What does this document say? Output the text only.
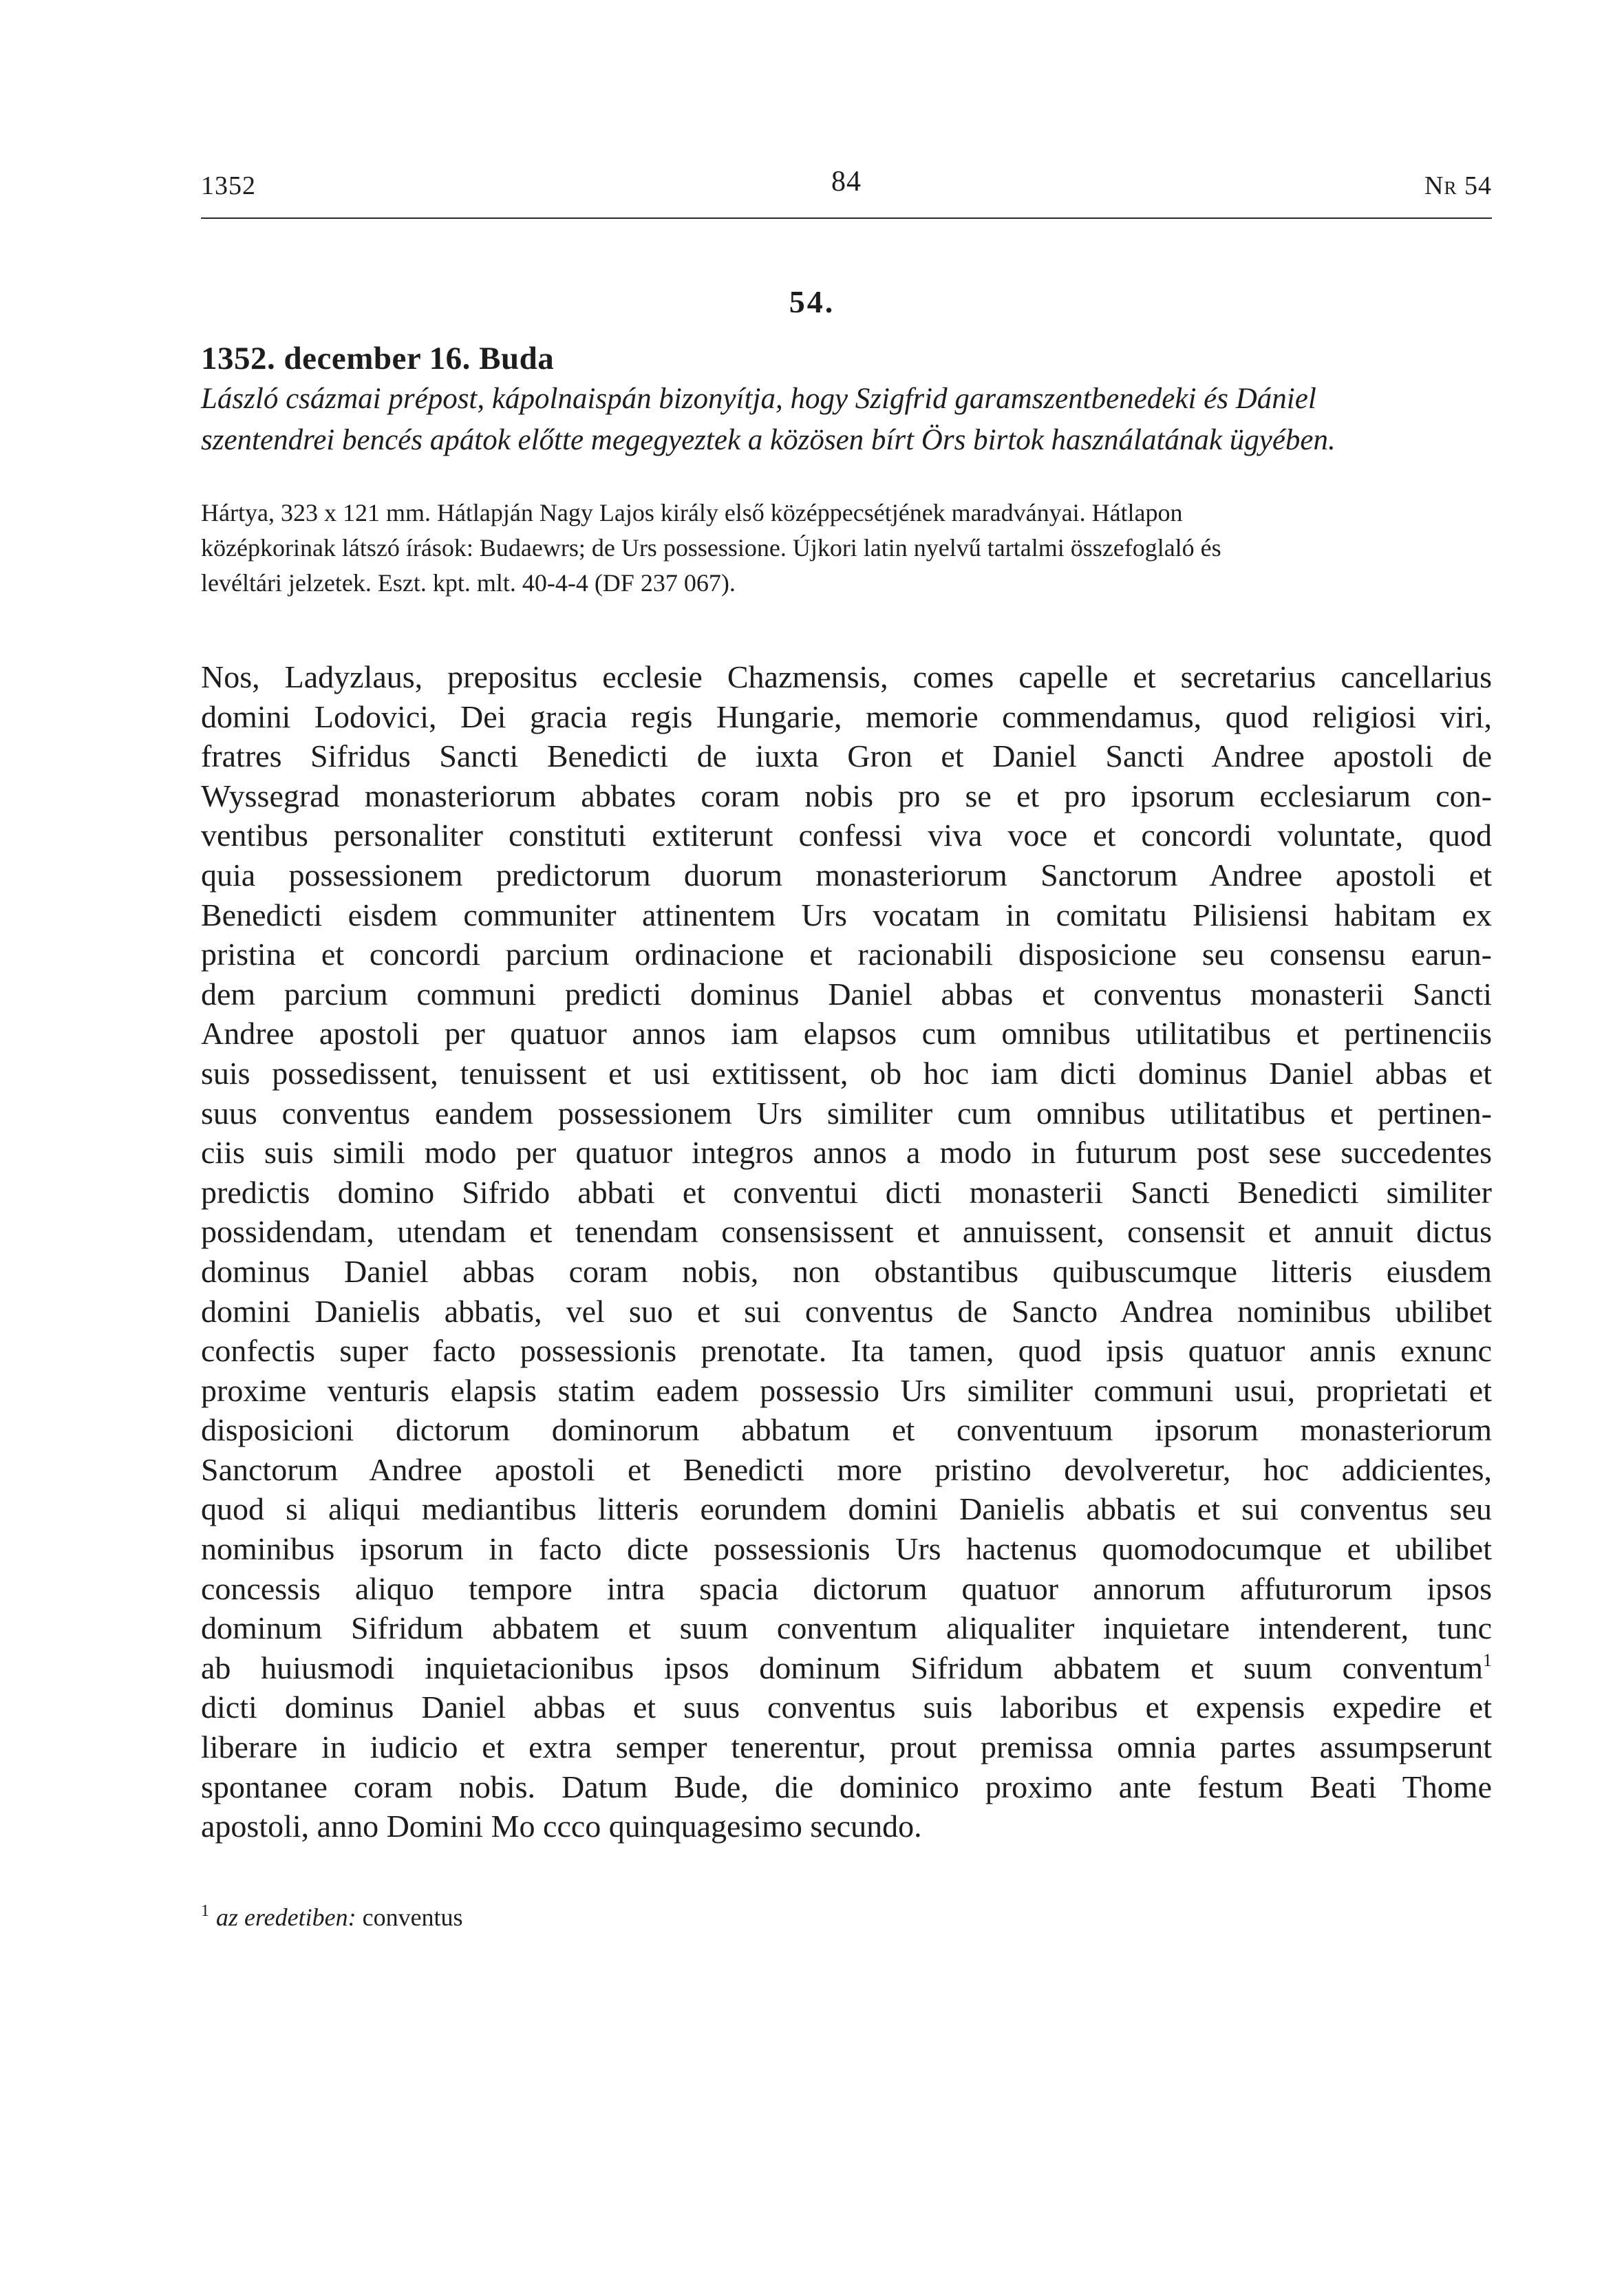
1352	84	Nr 54
54.
1352. december 16. Buda
László csázmai prépost, kápolnaispán bizonyítja, hogy Szigfrid garamszentbenedeki és Dániel
szentendrei bencés apátok előtte megegyeztek a közösen bírt Örs birtok használatának ügyében.
Hártya, 323 x 121 mm. Hátlapján Nagy Lajos király első középpecsétjének maradványai. Hátlapon
középkorinak látszó írások: Budaewrs; de Urs possessione. Újkori latin nyelvű tartalmi összefoglaló és
levéltári jelzetek. Eszt. kpt. mlt. 40-4-4 (DF 237 067).
Nos, Ladyzlaus, prepositus ecclesie Chazmensis, comes capelle et secretarius cancellarius
domini Lodovici, Dei gracia regis Hungarie, memorie commendamus, quod religiosi viri,
fratres Sifridus Sancti Benedicti de iuxta Gron et Daniel Sancti Andree apostoli de
Wyssegrad monasteriorum abbates coram nobis pro se et pro ipsorum ecclesiarum con-
ventibus personaliter constituti extiterunt confessi viva voce et concordi voluntate, quod
quia possessionem predictorum duorum monasteriorum Sanctorum Andree apostoli et
Benedicti eisdem communiter attinentem Urs vocatam in comitatu Pilisiensi habitam ex
pristina et concordi parcium ordinacione et racionabili disposicione seu consensu earun-
dem parcium communi predicti dominus Daniel abbas et conventus monasterii Sancti
Andree apostoli per quatuor annos iam elapsos cum omnibus utilitatibus et pertinenciis
suis possedissent, tenuissent et usi extitissent, ob hoc iam dicti dominus Daniel abbas et
suus conventus eandem possessionem Urs similiter cum omnibus utilitatibus et pertinen-
ciis suis simili modo per quatuor integros annos a modo in futurum post sese succedentes
predictis domino Sifrido abbati et conventui dicti monasterii Sancti Benedicti similiter
possidendam, utendam et tenendam consensissent et annuissent, consensit et annuit dictus
dominus Daniel abbas coram nobis, non obstantibus quibuscumque litteris eiusdem
domini Danielis abbatis, vel suo et sui conventus de Sancto Andrea nominibus ubilibet
confectis super facto possessionis prenotate. Ita tamen, quod ipsis quatuor annis exnunc
proxime venturis elapsis statim eadem possessio Urs similiter communi usui, proprietati et
disposicioni dictorum dominorum abbatum et conventuum ipsorum monasteriorum
Sanctorum Andree apostoli et Benedicti more pristino devolveretur, hoc addicientes,
quod si aliqui mediantibus litteris eorundem domini Danielis abbatis et sui conventus seu
nominibus ipsorum in facto dicte possessionis Urs hactenus quomodocumque et ubilibet
concessis aliquo tempore intra spacia dictorum quatuor annorum affuturorum ipsos
dominum Sifridum abbatem et suum conventum aliqualiter inquietare intenderent, tunc
ab huiusmodi inquietacionibus ipsos dominum Sifridum abbatem et suum conventum$^1$
dicti dominus Daniel abbas et suus conventus suis laboribus et expensis expedire et
liberare in iudicio et extra semper tenerentur, prout premissa omnia partes assumpserunt
spontanee coram nobis. Datum Bude, die dominico proximo ante festum Beati Thome
apostoli, anno Domini Mo ccco quinquagesimo secundo.
$^1$ az eredetiben: conventus
